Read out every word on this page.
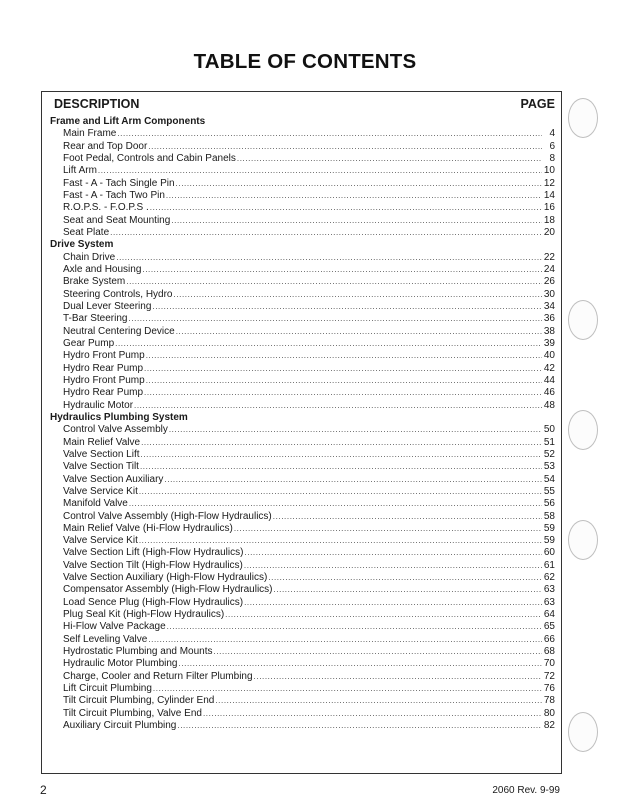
TABLE OF CONTENTS
DESCRIPTION	PAGE
Frame and Lift Arm Components
Main Frame .....	4
Rear and Top Door .....	6
Foot Pedal, Controls and Cabin Panels .....	8
Lift Arm .....	10
Fast - A - Tach Single Pin .....	12
Fast - A - Tach Two Pin .....	14
R.O.P.S. - F.O.P.S . .....	16
Seat and Seat Mounting .....	18
Seat Plate .....	20
Drive System
Chain Drive .....	22
Axle and Housing .....	24
Brake System .....	26
Steering Controls, Hydro .....	30
Dual Lever Steering .....	34
T-Bar Steering .....	36
Neutral Centering Device .....	38
Gear Pump .....	39
Hydro Front Pump .....	40
Hydro Rear Pump .....	42
Hydro Front Pump .....	44
Hydro Rear Pump .....	46
Hydraulic Motor .....	48
Hydraulics Plumbing System
Control Valve Assembly .....	50
Main Relief Valve .....	51
Valve Section Lift .....	52
Valve Section Tilt .....	53
Valve Section Auxiliary .....	54
Valve Service Kit .....	55
Manifold Valve .....	56
Control Valve Assembly (High-Flow Hydraulics) .....	58
Main Relief Valve (Hi-Flow Hydraulics) .....	59
Valve Service Kit .....	59
Valve Section Lift (High-Flow Hydraulics) .....	60
Valve Section Tilt (High-Flow Hydraulics) .....	61
Valve Section Auxiliary (High-Flow Hydraulics) .....	62
Compensator Assembly (High-Flow Hydraulics) .....	63
Load Sence Plug (High-Flow Hydraulics) .....	63
Plug Seal Kit (High-Flow Hydraulics) .....	64
Hi-Flow Valve Package .....	65
Self Leveling Valve .....	66
Hydrostatic Plumbing and Mounts .....	68
Hydraulic Motor Plumbing .....	70
Charge, Cooler and Return Filter Plumbing .....	72
Lift Circuit Plumbing .....	76
Tilt Circuit Plumbing, Cylinder End .....	78
Tilt Circuit Plumbing, Valve End .....	80
Auxiliary Circuit Plumbing .....	82
2	2060 Rev. 9-99
